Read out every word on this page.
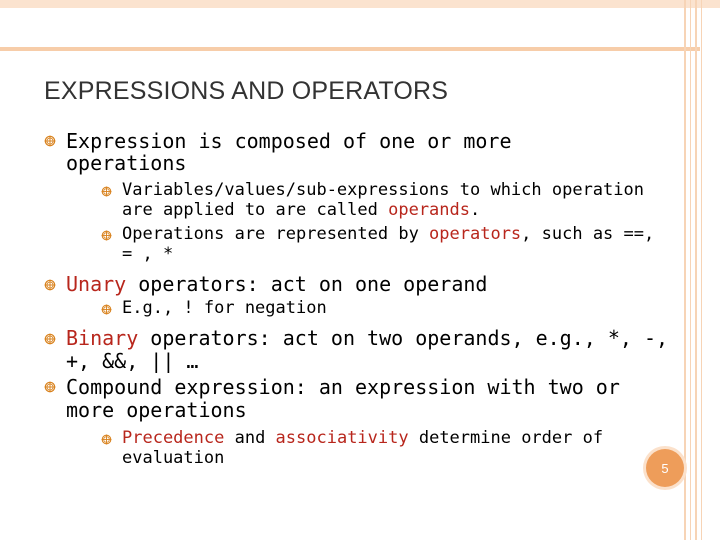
EXPRESSIONS AND OPERATORS
Expression is composed of one or more
operations
Variables/values/sub-expressions to which operation
are applied to are called operands.
Operations are represented by operators, such as ==,
= , *
Unary operators: act on one operand
E.g., ! for negation
Binary operators: act on two operands, e.g., *, -,
+, &&, || …
Compound expression: an expression with two or
more operations
Precedence and associativity determine order of
evaluation	5
